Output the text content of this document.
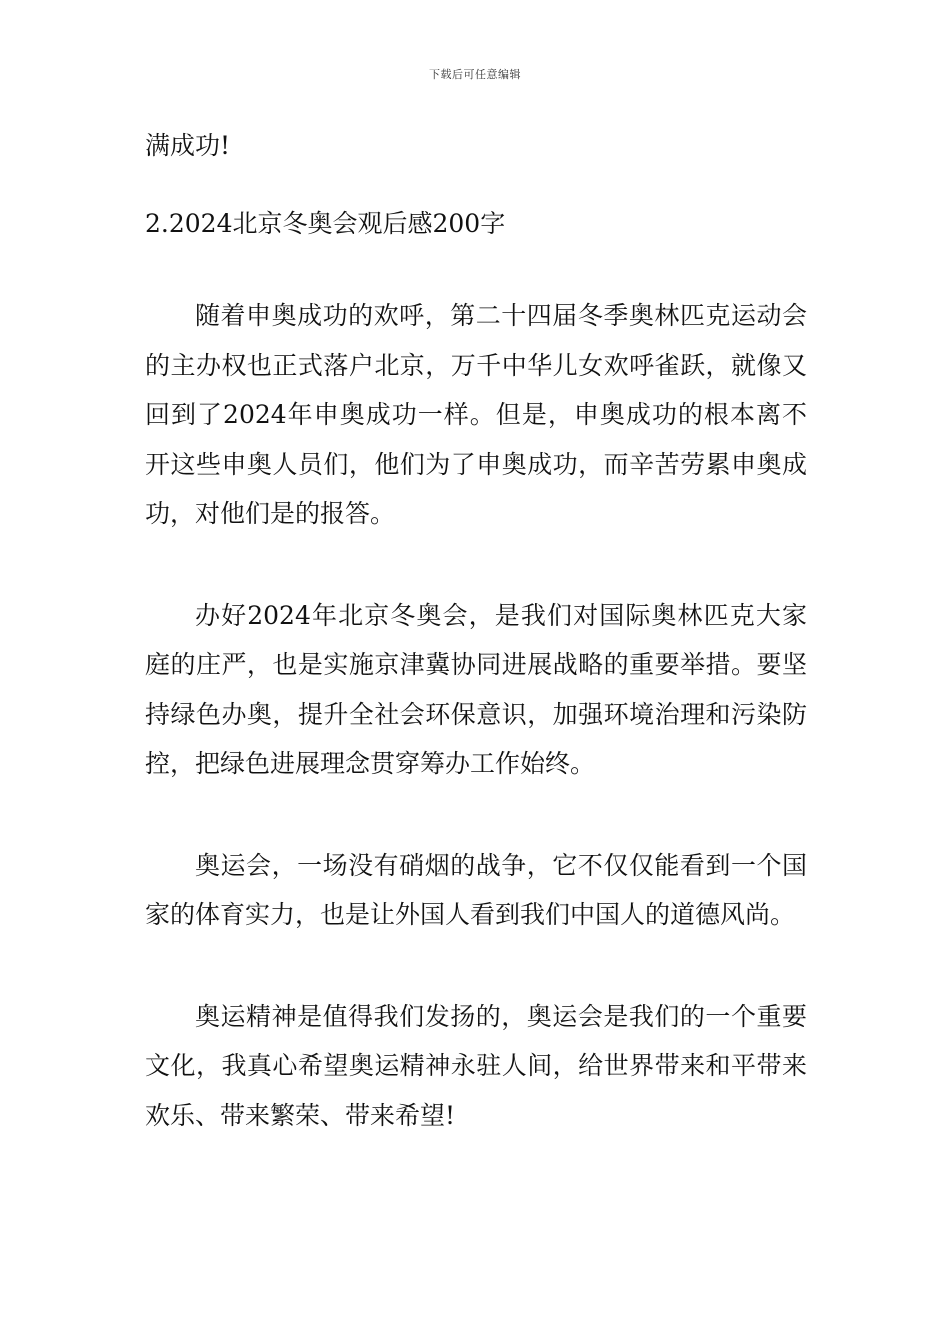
下载后可任意编辑

满成功!

2.2024北京冬奥会观后感200字

随着申奥成功的欢呼，第二十四届冬季奥林匹克运动会的主办权也正式落户北京，万千中华儿女欢呼雀跃，就像又回到了2024年申奥成功一样。但是，申奥成功的根本离不开这些申奥人员们，他们为了申奥成功，而辛苦劳累申奥成功，对他们是的报答。

办好2024年北京冬奥会，是我们对国际奥林匹克大家庭的庄严，也是实施京津冀协同进展战略的重要举措。要坚持绿色办奥，提升全社会环保意识，加强环境治理和污染防控，把绿色进展理念贯穿筹办工作始终。

奥运会，一场没有硝烟的战争，它不仅仅能看到一个国家的体育实力，也是让外国人看到我们中国人的道德风尚。

奥运精神是值得我们发扬的，奥运会是我们的一个重要文化，我真心希望奥运精神永驻人间，给世界带来和平带来欢乐、带来繁荣、带来希望!
